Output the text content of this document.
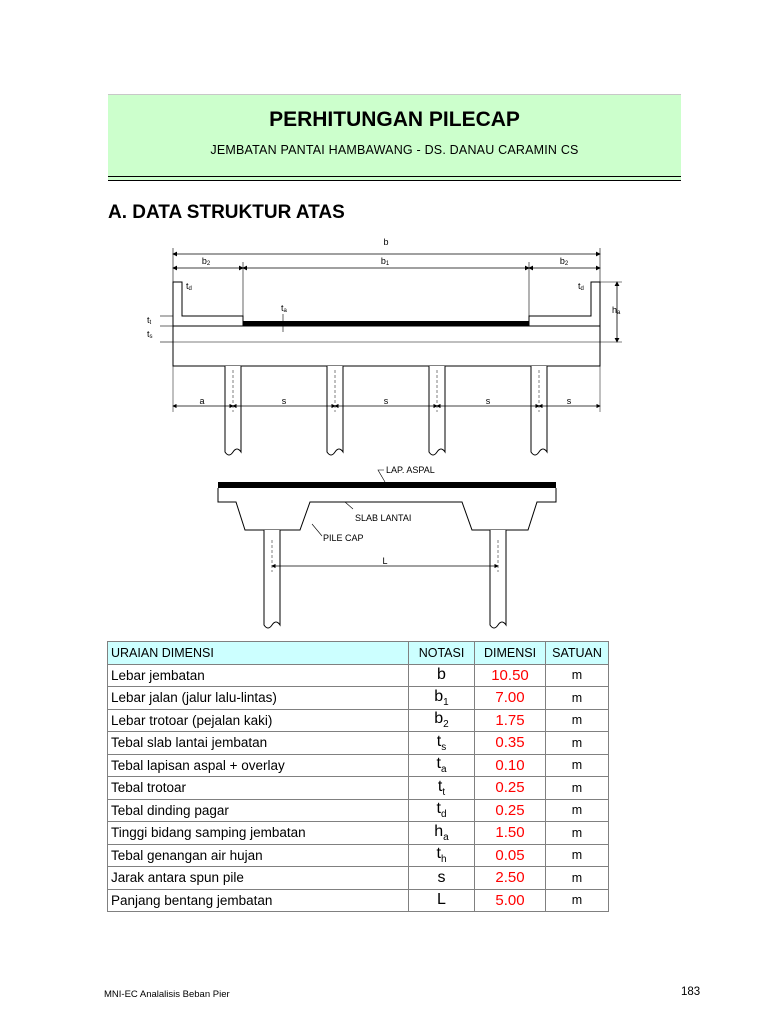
PERHITUNGAN PILECAP
JEMBATAN PANTAI HAMBAWANG - DS. DANAU CARAMIN CS
A. DATA STRUKTUR ATAS
b
b2	b1	b2
td	td
ta
tt
ts
ha
a	s	s	s	s
LAP. ASPAL
SLAB LANTAI
PILE CAP
L
URAIAN DIMENSI	NOTASI	DIMENSI	SATUAN
Lebar jembatan	b	10.50	m
Lebar jalan (jalur lalu-lintas)	$b_1$	7.00	m
Lebar trotoar (pejalan kaki)	$b_2$	1.75	m
Tebal slab lantai jembatan	$t_s$	0.35	m
Tebal lapisan aspal + overlay	$t_a$	0.10	m
Tebal trotoar	$t_t$	0.25	m
Tebal dinding pagar	$t_d$	0.25	m
Tinggi bidang samping jembatan	$h_a$	1.50	m
Tebal genangan air hujan	$t_h$	0.05	m
Jarak antara spun pile	s	2.50	m
Panjang bentang jembatan	L	5.00	m
MNI-EC Analalisis Beban Pier	183
